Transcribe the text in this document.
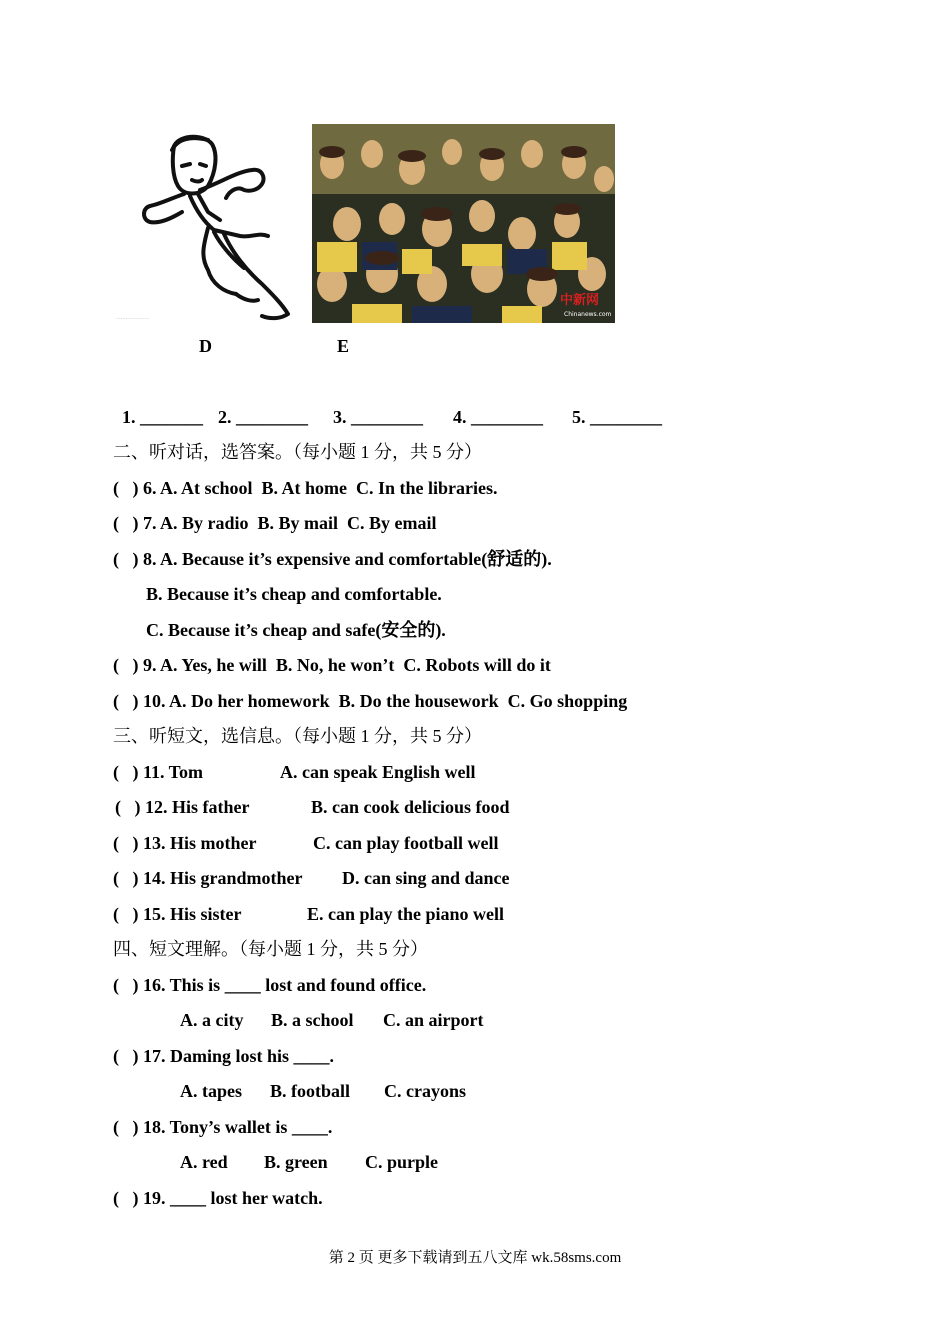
·····················
中新网
Chinanews.com
D	E
1. _______ 2. ________ 3. ________ 4. ________ 5. ________
二、听对话，选答案。（每小题 1 分，共 5 分）
(   ) 6. A. At school  B. At home  C. In the libraries.
(   ) 7. A. By radio  B. By mail  C. By email
(   ) 8. A. Because it’s expensive and comfortable(舒适的).
B. Because it’s cheap and comfortable.
C. Because it’s cheap and safe(安全的).
(   ) 9. A. Yes, he will  B. No, he won’t  C. Robots will do it
(   ) 10. A. Do her homework  B. Do the housework  C. Go shopping
三、听短文，选信息。（每小题 1 分，共 5 分）
(   ) 11. Tom	A. can speak English well
(   ) 12. His father	B. can cook delicious food
(   ) 13. His mother	C. can play football well
(   ) 14. His grandmother D. can sing and dance
(   ) 15. His sister	E. can play the piano well
四、短文理解。（每小题 1 分，共 5 分）
(   ) 16. This is ____ lost and found office.
A. a city B. a school C. an airport
(   ) 17. Daming lost his ____.
A. tapes B. football C. crayons
(   ) 18. Tony’s wallet is ____.
A. red B. green C. purple
(   ) 19. ____ lost her watch.
第 2 页 更多下载请到五八文库 wk.58sms.com
